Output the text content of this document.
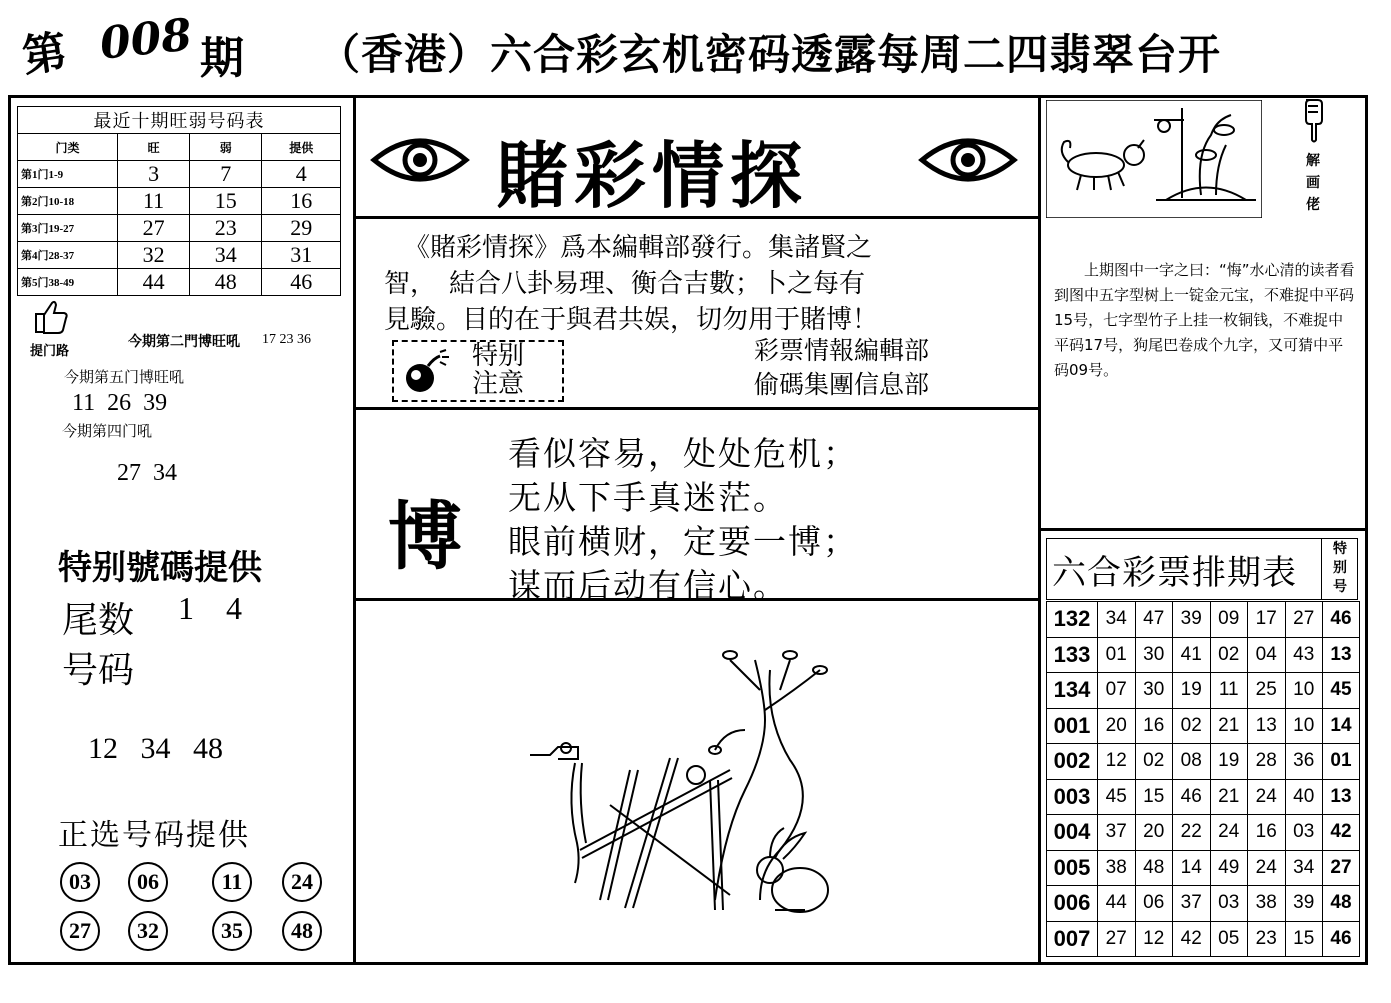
第 008 期 （香港）六合彩玄机密码透露每周二四翡翠台开
最近十期旺弱号码表			
门类	旺	弱	提供
第1门1-9	3	7	4
第2门10-18	11	15	16
第3门19-27	27	23	29
第4门28-37	32	34	31
第5门38-49	44	48	46
提门路
今期第二門博旺吼 17 23 36
今期第五门博旺吼
11  26  39
今期第四门吼
27  34
特别號碼提供
尾数 1    4
号码
12   34   48
正选号码提供
03	06	11	24
27	32	35	48
賭彩情探
《賭彩情探》爲本編輯部發行。集諸賢之
智，　結合八卦易理、衡合吉數；卜之每有
見驗。目的在于與君共娱，切勿用于賭博！
特别
注意
彩票情報編輯部
偷碼集團信息部
博
看似容易，处处危机；
无从下手真迷茫。
眼前横财，定要一博；
谋而后动有信心。
解
画
佬
上期图中一字之曰：“悔”水心清的读者看到图中五字型树上一锭金元宝，不难捉中平码15号，七字型竹子上挂一枚铜钱，不难捉中平码17号，狗尾巴卷成个九字，又可猜中平码09号。
六合彩票排期表
特
别
号
132	34	47	39	09	17	27	46
133	01	30	41	02	04	43	13
134	07	30	19	11	25	10	45
001	20	16	02	21	13	10	14
002	12	02	08	19	28	36	01
003	45	15	46	21	24	40	13
004	37	20	22	24	16	03	42
005	38	48	14	49	24	34	27
006	44	06	37	03	38	39	48
007	27	12	42	05	23	15	46
